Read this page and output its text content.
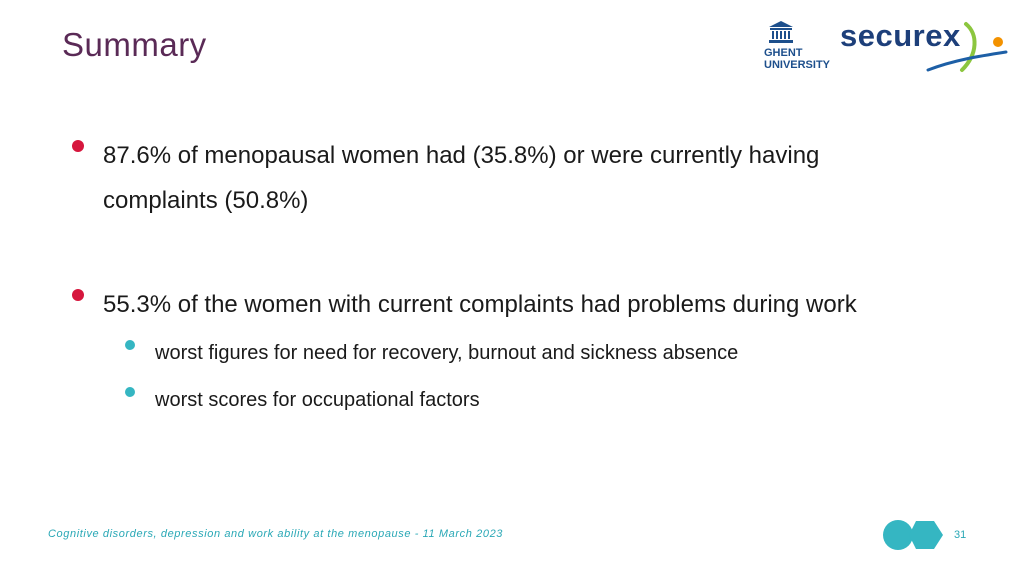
Summary	GHENT
UNIVERSITY
securex
87.6% of menopausal women had (35.8%) or were currently having
complaints (50.8%)
55.3% of the women with current complaints had problems during work
worst figures for need for recovery, burnout and sickness absence
worst scores for occupational factors
Cognitive disorders, depression and work ability at the menopause - 11 March 2023	31
